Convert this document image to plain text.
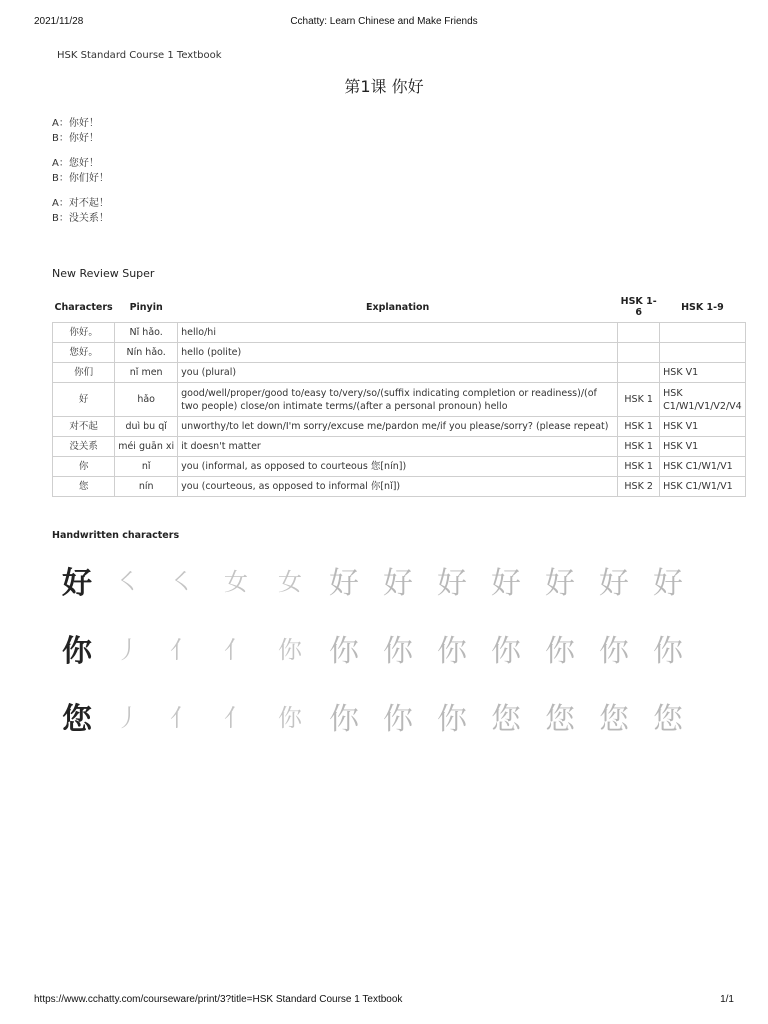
2021/11/28	Cchatty: Learn Chinese and Make Friends
HSK Standard Course 1 Textbook
第1课 你好
A：你好！
B：你好！
A：您好！
B：你们好！
A：对不起！
B：没关系！
New Review Super
Characters	Pinyin	Explanation	HSK 1-6	HSK 1-9
你好。	Nǐ hǎo.	hello/hi		
您好。	Nín hǎo.	hello (polite)		
你们	nǐ men	you (plural)		HSK V1
好	hǎo	good/well/proper/good to/easy to/very/so/(suffix indicating completion or readiness)/(of two people) close/on intimate terms/(after a personal pronoun) hello	HSK 1	HSK C1/W1/V1/V2/V4
对不起	duì bu qǐ	unworthy/to let down/I'm sorry/excuse me/pardon me/if you please/sorry? (please repeat)	HSK 1	HSK V1
没关系	méi guān xi	it doesn't matter	HSK 1	HSK V1
你	nǐ	you (informal, as opposed to courteous 您[nín])	HSK 1	HSK C1/W1/V1
您	nín	you (courteous, as opposed to informal 你[nǐ])	HSK 2	HSK C1/W1/V1
Handwritten characters
好	㇛	㇛	女	女 好 好 好 好 好 好 好
你	丿	亻	亻	你 你 你 你 你 你 你 你
您	丿	亻	亻	你 你 你 你 您 您 您 您
https://www.cchatty.com/courseware/print/3?title=HSK Standard Course 1 Textbook	1/1
